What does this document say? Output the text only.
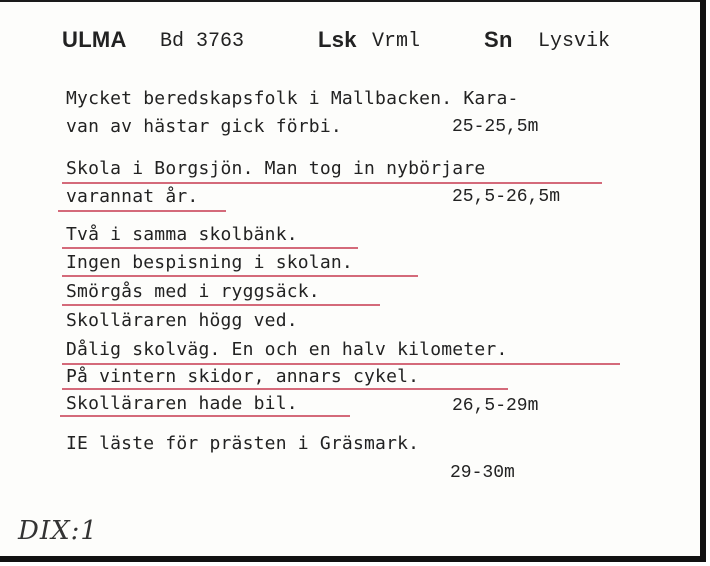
ULMA Bd 3763	Lsk Vrml	Sn Lysvik
Mycket beredskapsfolk i Mallbacken. Kara-
van av hästar gick förbi.	25-25,5m
Skola i Borgsjön. Man tog in nybörjare
varannat år.	25,5-26,5m
Två i samma skolbänk.
Ingen bespisning i skolan.
Smörgås med i ryggsäck.
Skolläraren högg ved.
Dålig skolväg. En och en halv kilometer.
På vintern skidor, annars cykel.
Skolläraren hade bil.	26,5-29m
IE läste för prästen i Gräsmark.
29-30m
DIX:1
